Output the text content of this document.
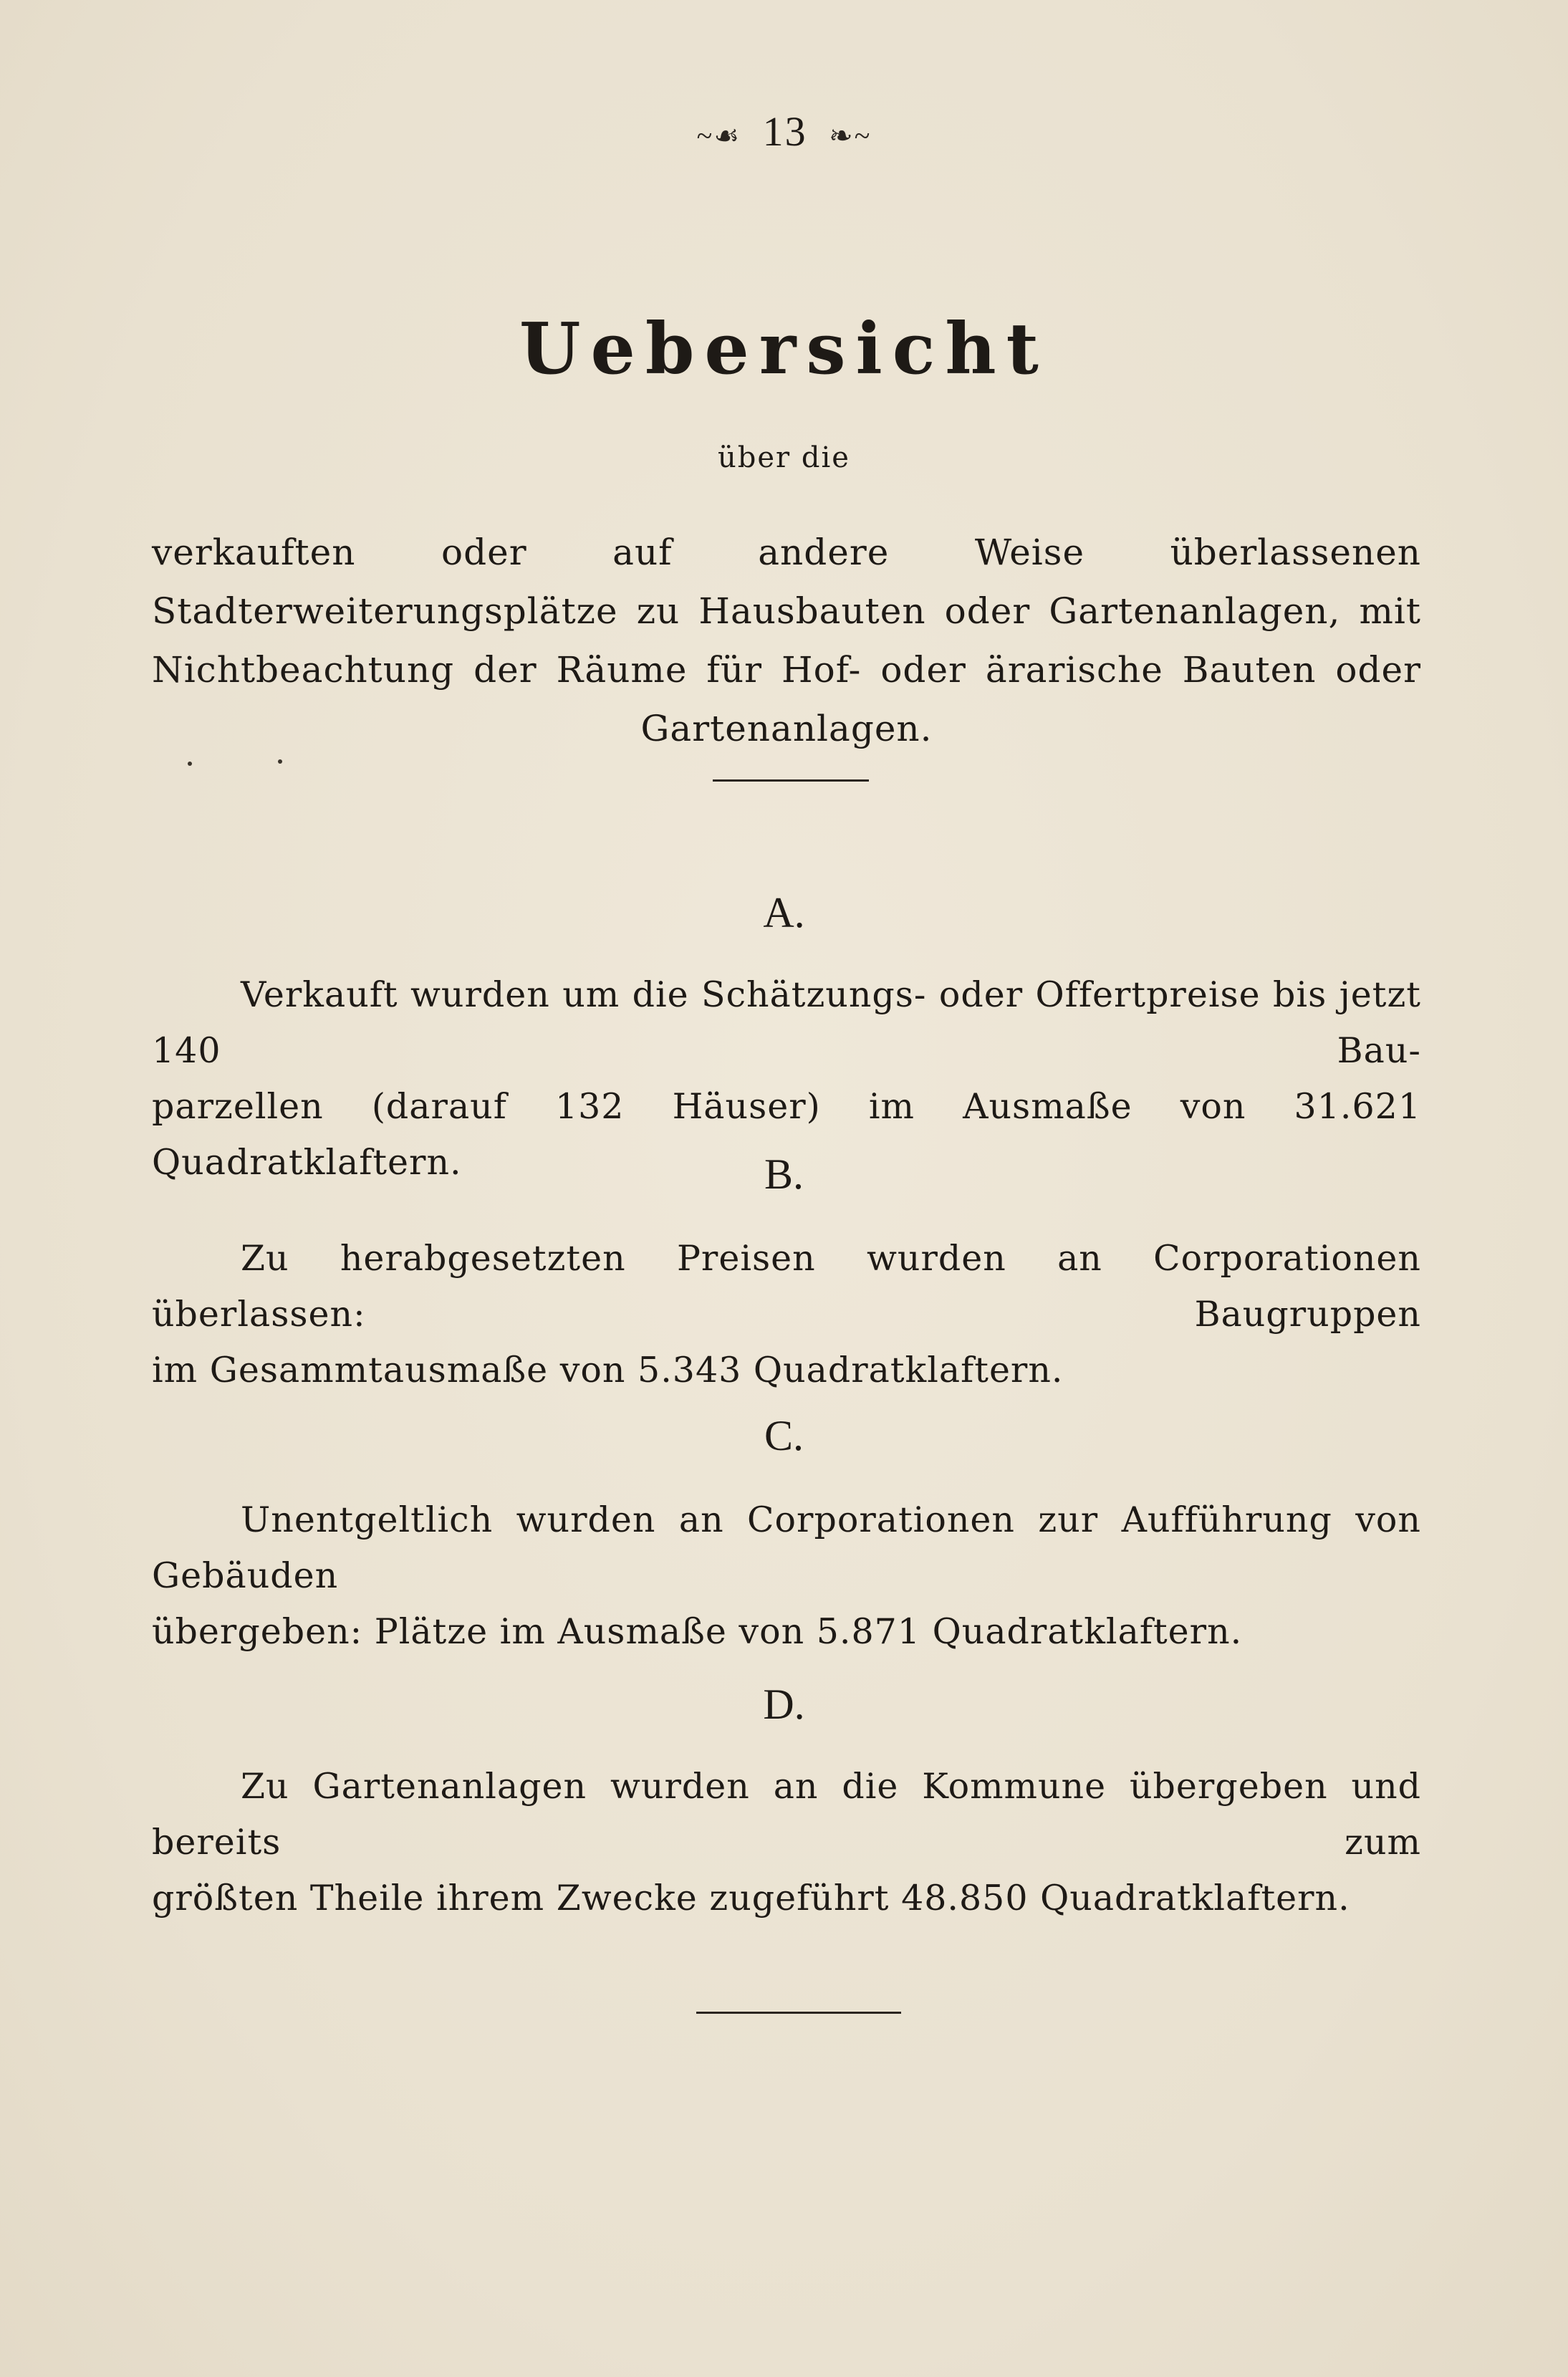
~☙ 13 ❧~
Uebersicht
über die
verkauften oder auf andere Weise überlassenen Stadterweiterungsplätze zu Hausbauten oder Gartenanlagen, mit Nichtbeachtung der Räume für Hof- oder ärarische Bauten oder Gartenanlagen.
A.
Verkauft wurden um die Schätzungs- oder Offertpreise bis jetzt 140 Bau-
parzellen (darauf 132 Häuser) im Ausmaße von 31.621 Quadratklaftern.	B.
Zu herabgesetzten Preisen wurden an Corporationen überlassen: Baugruppen
im Gesammtausmaße von 5.343 Quadratklaftern.
C.
Unentgeltlich wurden an Corporationen zur Aufführung von Gebäuden
übergeben: Plätze im Ausmaße von 5.871 Quadratklaftern.
D.
Zu Gartenanlagen wurden an die Kommune übergeben und bereits zum
größten Theile ihrem Zwecke zugeführt 48.850 Quadratklaftern.
